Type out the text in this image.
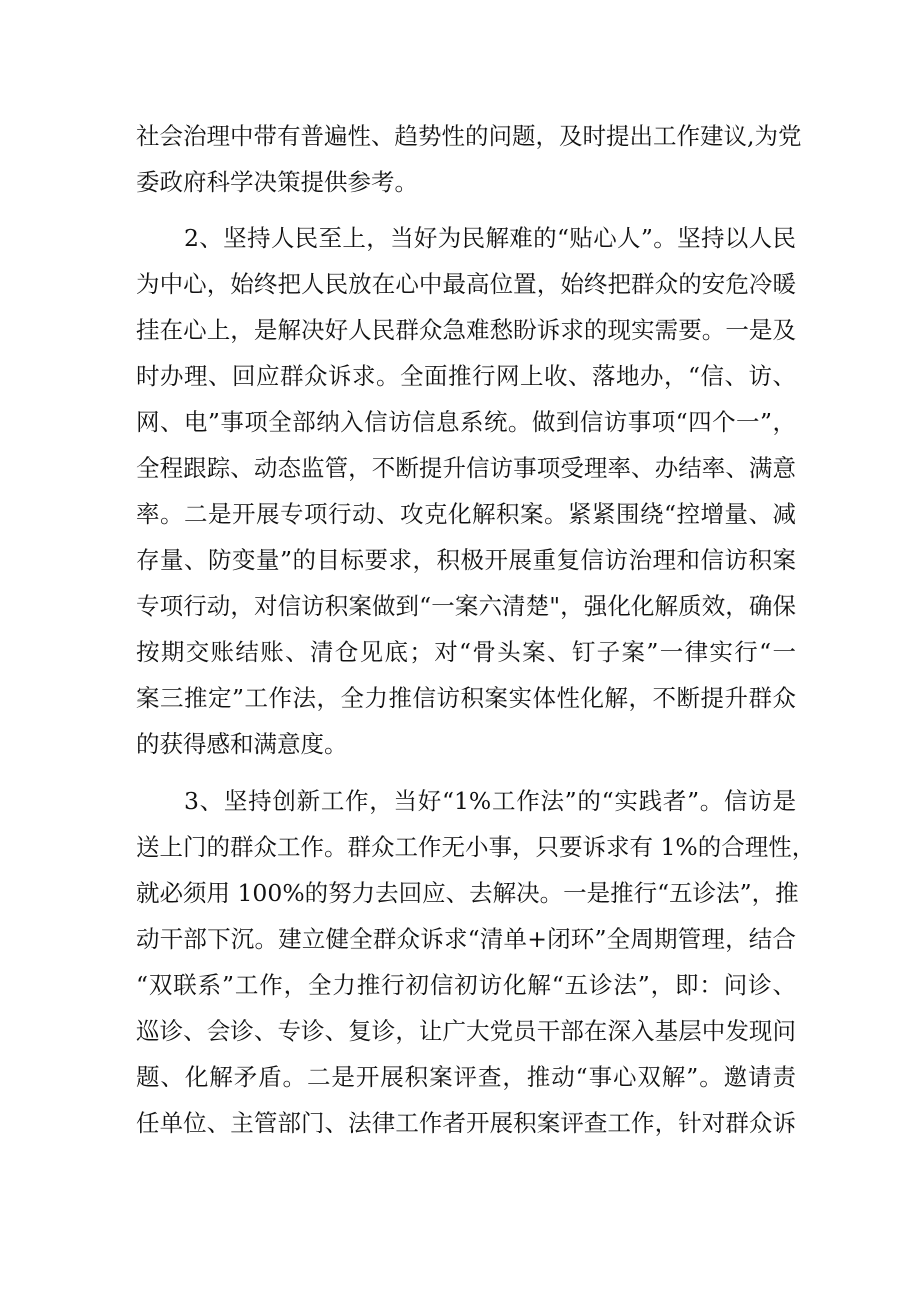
社会治理中带有普遍性、趋势性的问题，及时提出工作建议,为党

委政府科学决策提供参考。

2、坚持人民至上，当好为民解难的“贴心人”。坚持以人民

为中心，始终把人民放在心中最高位置，始终把群众的安危冷暖

挂在心上，是解决好人民群众急难愁盼诉求的现实需要。一是及

时办理、回应群众诉求。全面推行网上收、落地办，“信、访、

网、电”事项全部纳入信访信息系统。做到信访事项“四个一”，

全程跟踪、动态监管，不断提升信访事项受理率、办结率、满意

率。二是开展专项行动、攻克化解积案。紧紧围绕“控增量、减

存量、防变量”的目标要求，积极开展重复信访治理和信访积案

专项行动，对信访积案做到“一案六清楚"，强化化解质效，确保

按期交账结账、清仓见底；对“骨头案、钉子案”一律实行“一

案三推定”工作法，全力推信访积案实体性化解，不断提升群众

的获得感和满意度。

3、坚持创新工作，当好“1%工作法”的“实践者”。信访是

送上门的群众工作。群众工作无小事，只要诉求有 1%的合理性，

就必须用 100%的努力去回应、去解决。一是推行“五诊法”，推

动干部下沉。建立健全群众诉求“清单+闭环”全周期管理，结合

“双联系”工作，全力推行初信初访化解“五诊法”，即：问诊、

巡诊、会诊、专诊、复诊，让广大党员干部在深入基层中发现问

题、化解矛盾。二是开展积案评查，推动“事心双解”。邀请责

任单位、主管部门、法律工作者开展积案评查工作，针对群众诉
